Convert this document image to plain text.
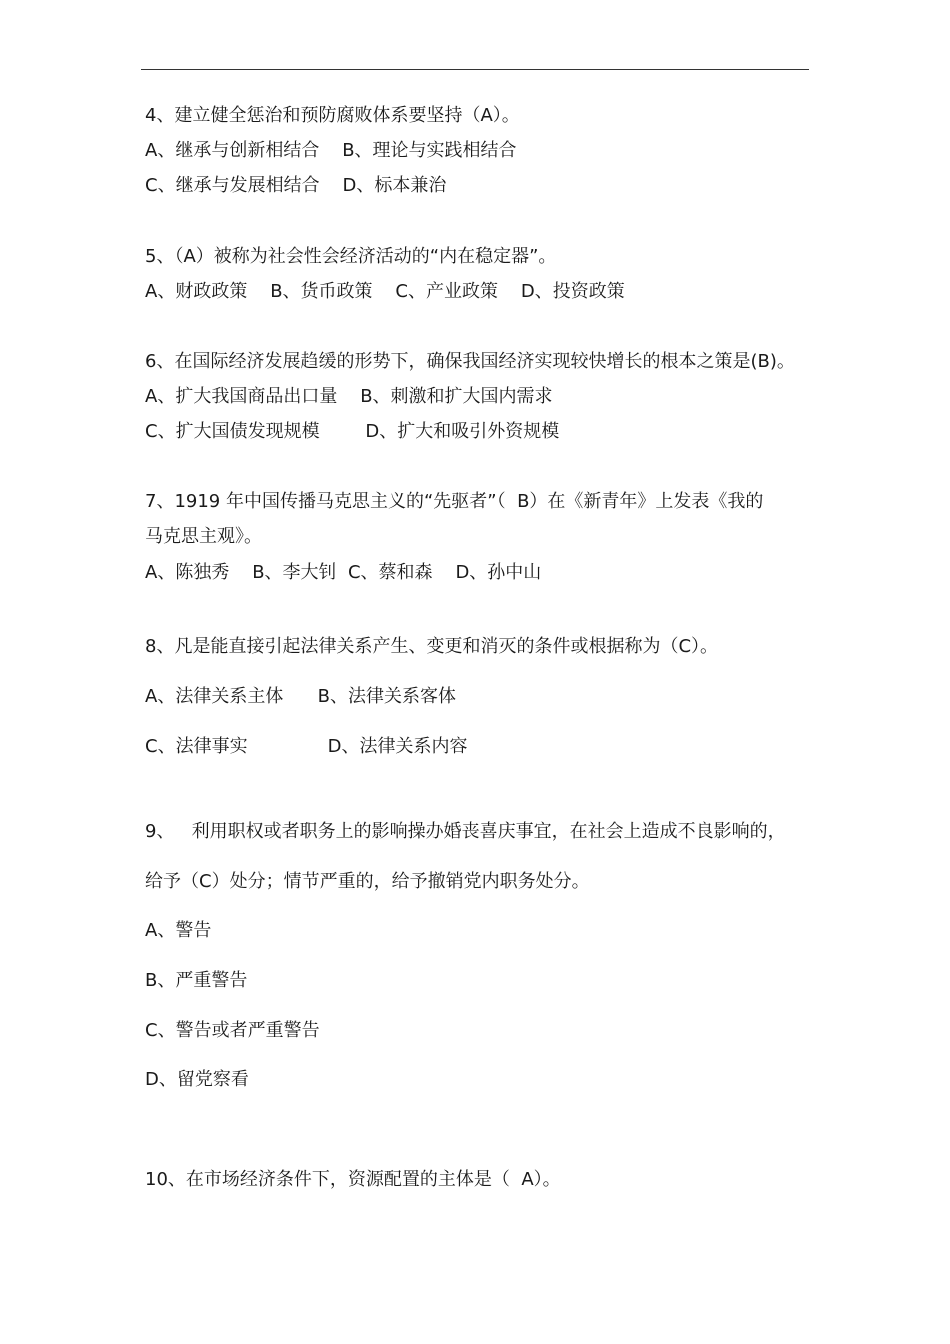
4、建立健全惩治和预防腐败体系要坚持（A）。
A、继承与创新相结合    B、理论与实践相结合
C、继承与发展相结合    D、标本兼治
5、（A）被称为社会性会经济活动的“内在稳定器”。
A、财政政策    B、货币政策    C、产业政策    D、投资政策
6、在国际经济发展趋缓的形势下，确保我国经济实现较快增长的根本之策是(B)。
A、扩大我国商品出口量    B、刺激和扩大国内需求
C、扩大国债发现规模        D、扩大和吸引外资规模
7、1919 年中国传播马克思主义的“先驱者”（  B）在《新青年》上发表《我的
马克思主观》。
A、陈独秀    B、李大钊  C、蔡和森    D、孙中山
8、凡是能直接引起法律关系产生、变更和消灭的条件或根据称为（C）。
A、法律关系主体      B、法律关系客体
C、法律事实              D、法律关系内容
9、   利用职权或者职务上的影响操办婚丧喜庆事宜，在社会上造成不良影响的，
给予（C）处分；情节严重的，给予撤销党内职务处分。
A、警告
B、严重警告
C、警告或者严重警告
D、留党察看
10、在市场经济条件下，资源配置的主体是（  A）。
